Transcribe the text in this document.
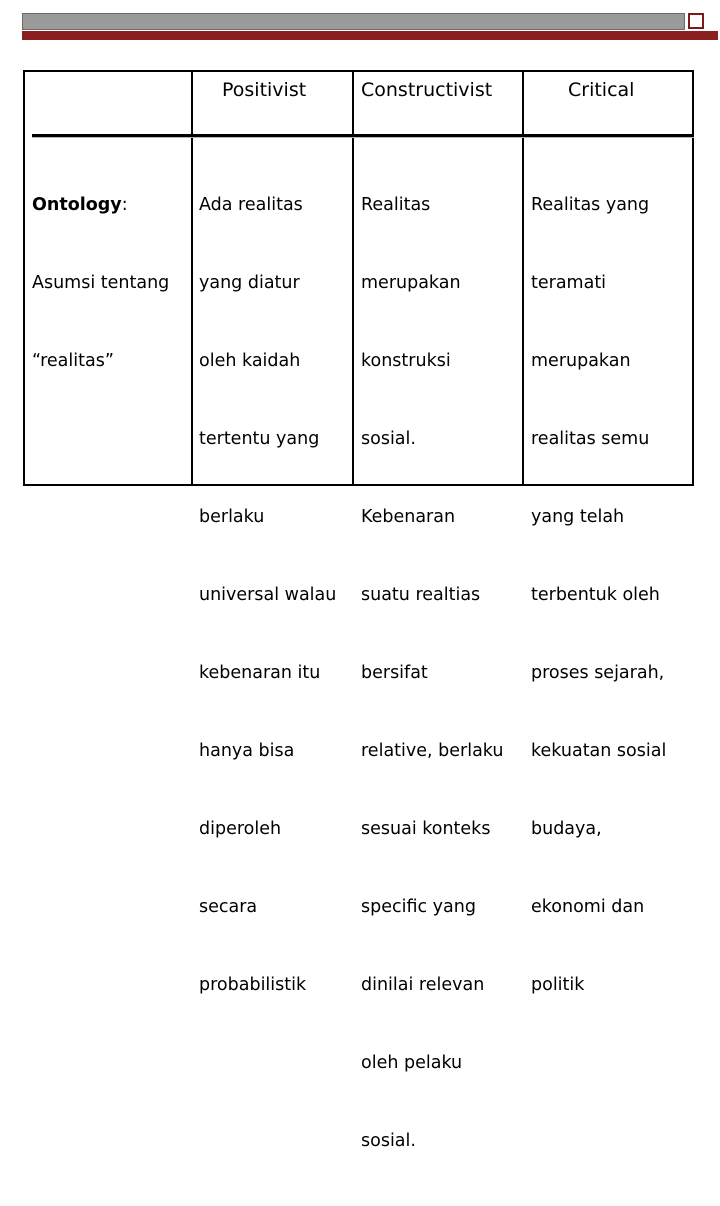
Positivist	Constructivist	Critical

Ontology:

Asumsi tentang

“realitas”

Ada realitas

yang diatur

oleh kaidah

tertentu yang

berlaku

universal walau

kebenaran itu

hanya bisa

diperoleh

secara

probabilistik

Realitas

merupakan

konstruksi

sosial.

Kebenaran

suatu realtias

bersifat

relative, berlaku

sesuai konteks

specific yang

dinilai relevan

oleh pelaku

sosial.

Realitas yang

teramati

merupakan

realitas semu

yang telah

terbentuk oleh

proses sejarah,

kekuatan sosial

budaya,

ekonomi dan

politik
